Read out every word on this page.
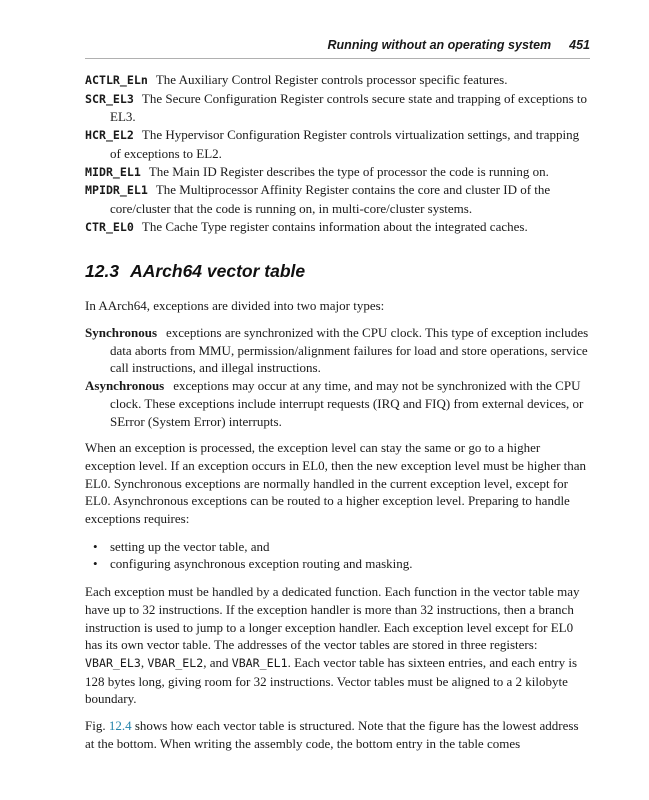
Running without an operating system 451

ACTLR_ELn The Auxiliary Control Register controls processor specific features.

SCR_EL3 The Secure Configuration Register controls secure state and trapping of exceptions to EL3.

HCR_EL2 The Hypervisor Configuration Register controls virtualization settings, and trapping of exceptions to EL2.

MIDR_EL1 The Main ID Register describes the type of processor the code is running on.

MPIDR_EL1 The Multiprocessor Affinity Register contains the core and cluster ID of the core/cluster that the code is running on, in multi-core/cluster systems.

CTR_EL0 The Cache Type register contains information about the integrated caches.

12.3 AArch64 vector table

In AArch64, exceptions are divided into two major types:

Synchronous exceptions are synchronized with the CPU clock. This type of exception includes data aborts from MMU, permission/alignment failures for load and store operations, service call instructions, and illegal instructions.

Asynchronous exceptions may occur at any time, and may not be synchronized with the CPU clock. These exceptions include interrupt requests (IRQ and FIQ) from external devices, or SError (System Error) interrupts.

When an exception is processed, the exception level can stay the same or go to a higher exception level. If an exception occurs in EL0, then the new exception level must be higher than EL0. Synchronous exceptions are normally handled in the current exception level, except for EL0. Asynchronous exceptions can be routed to a higher exception level. Preparing to handle exceptions requires:

• setting up the vector table, and
• configuring asynchronous exception routing and masking.

Each exception must be handled by a dedicated function. Each function in the vector table may have up to 32 instructions. If the exception handler is more than 32 instructions, then a branch instruction is used to jump to a longer exception handler. Each exception level except for EL0 has its own vector table. The addresses of the vector tables are stored in three registers: VBAR_EL3, VBAR_EL2, and VBAR_EL1. Each vector table has sixteen entries, and each entry is 128 bytes long, giving room for 32 instructions. Vector tables must be aligned to a 2 kilobyte boundary.

Fig. 12.4 shows how each vector table is structured. Note that the figure has the lowest address at the bottom. When writing the assembly code, the bottom entry in the table comes
